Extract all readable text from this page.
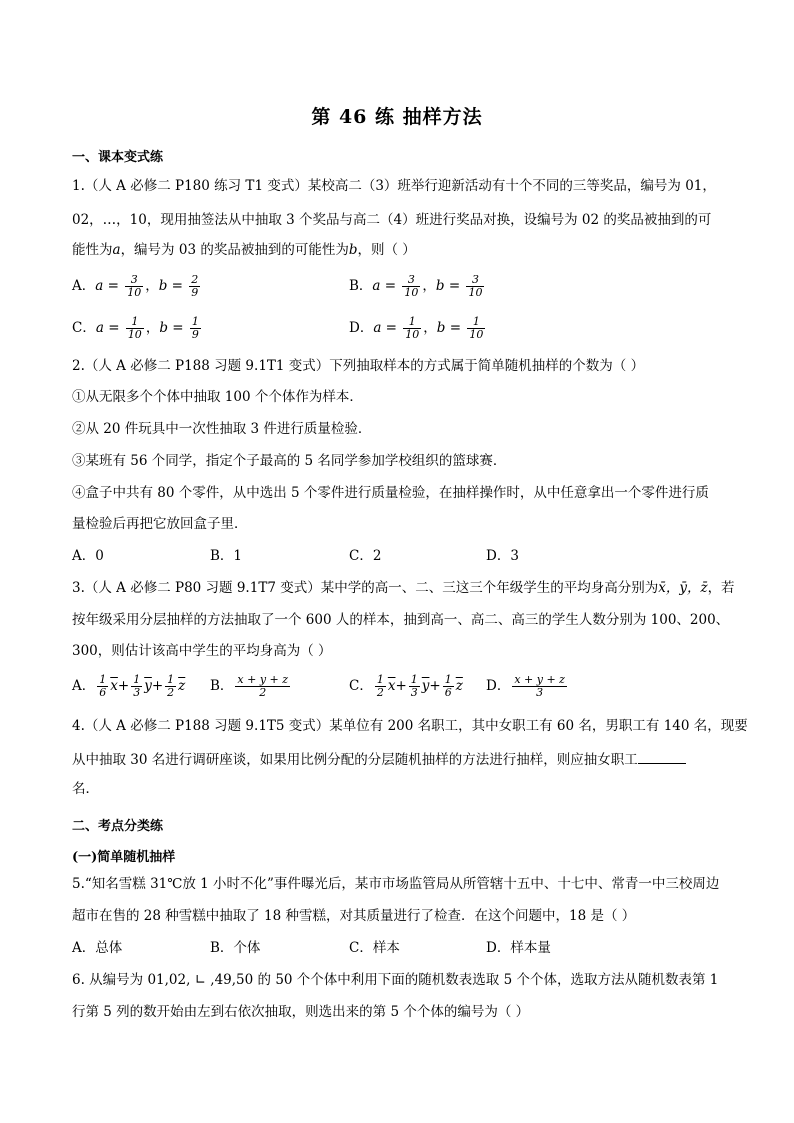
第 46 练 抽样方法
一、课本变式练
1.（人 A 必修二 P180 练习 T1 变式）某校高二（3）班举行迎新活动有十个不同的三等奖品，编号为 01，
02，…，10，现用抽签法从中抽取 3 个奖品与高二（4）班进行奖品对换，设编号为 02 的奖品被抽到的可
能性为a，编号为 03 的奖品被抽到的可能性为b，则（ ）
A．$a = \frac{3}{10}$ ，$b = \frac{2}{9}$	B．$a = \frac{3}{10}$ ，$b = \frac{3}{10}$
C．$a = \frac{1}{10}$ ，$b = \frac{1}{9}$	D．$a = \frac{1}{10}$ ，$b = \frac{1}{10}$
2.（人 A 必修二 P188 习题 9.1T1 变式）下列抽取样本的方式属于简单随机抽样的个数为（ ）
①从无限多个个体中抽取 100 个个体作为样本．
②从 20 件玩具中一次性抽取 3 件进行质量检验．
③某班有 56 个同学，指定个子最高的 5 名同学参加学校组织的篮球赛．
④盒子中共有 80 个零件，从中选出 5 个零件进行质量检验，在抽样操作时，从中任意拿出一个零件进行质
量检验后再把它放回盒子里．
A．0	B．1	C．2	D．3
3.（人 A 必修二 P80 习题 9.1T7 变式）某中学的高一、二、三这三个年级学生的平均身高分别为x̄，ȳ，z̄，若
按年级采用分层抽样的方法抽取了一个 600 人的样本，抽到高一、高二、高三的学生人数分别为 100、200、
300，则估计该高中学生的平均身高为（ ）
A． $\frac{1}{6} \overline{x}+ \frac{1}{3} \overline{y}+ \frac{1}{2} \overline{z}$ B． $\frac{x + y + z}{2}$	C． $\frac{1}{2} \overline{x}+ \frac{1}{3} \overline{y}+ \frac{1}{6} \overline{z}$ D． $\frac{x + y + z}{3}$
4.（人 A 必修二 P188 习题 9.1T5 变式）某单位有 200 名职工，其中女职工有 60 名，男职工有 140 名，现要
从中抽取 30 名进行调研座谈，如果用比例分配的分层随机抽样的方法进行抽样，则应抽女职工
名．
二、考点分类练
(一)简单随机抽样
5.“知名雪糕 31℃放 1 小时不化”事件曝光后，某市市场监管局从所管辖十五中、十七中、常青一中三校周边
超市在售的 28 种雪糕中抽取了 18 种雪糕，对其质量进行了检查．在这个问题中，18 是（ ）
A．总体	B．个体	C．样本	D．样本量
6. 从编号为 01,02, ∟ ,49,50 的 50 个个体中利用下面的随机数表选取 5 个个体，选取方法从随机数表第 1
行第 5 列的数开始由左到右依次抽取，则选出来的第 5 个个体的编号为（ ）
